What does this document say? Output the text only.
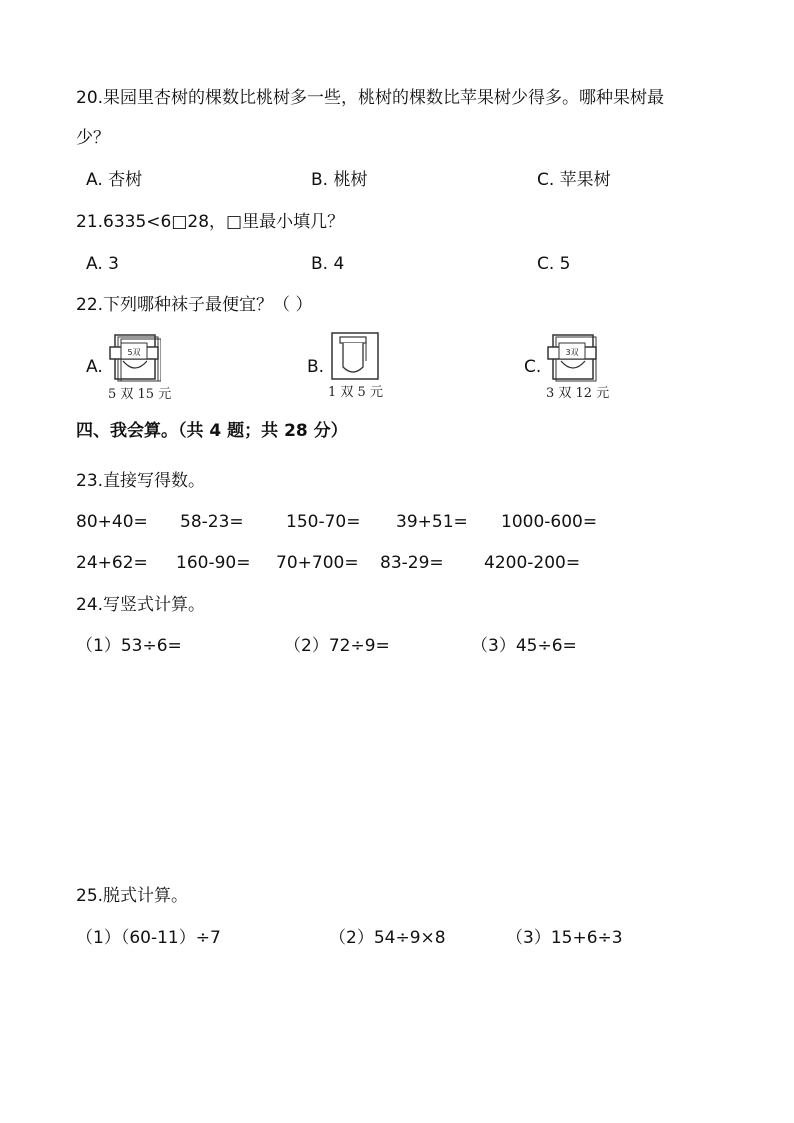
20.果园里杏树的棵数比桃树多一些，桃树的棵数比苹果树少得多。哪种果树最
少？
A. 杏树	B. 桃树	C. 苹果树
21.6335<6□28，□里最小填几？
A. 3	B. 4	C. 5
22.下列哪种袜子最便宜？（ ）
A.
5双
5 双 15 元
B.
1 双 5 元
C.
3双
3 双 12 元
四、我会算。（共 4 题；共 28 分）
23.直接写得数。
80+40= 58-23= 150-70= 39+51= 1000-600=
24+62= 160-90= 70+700= 83-29= 4200-200=
24.写竖式计算。
（1）53÷6=	（2）72÷9=	（3）45÷6=
25.脱式计算。
（1）（60-11）÷7	（2）54÷9×8	（3）15+6÷3
